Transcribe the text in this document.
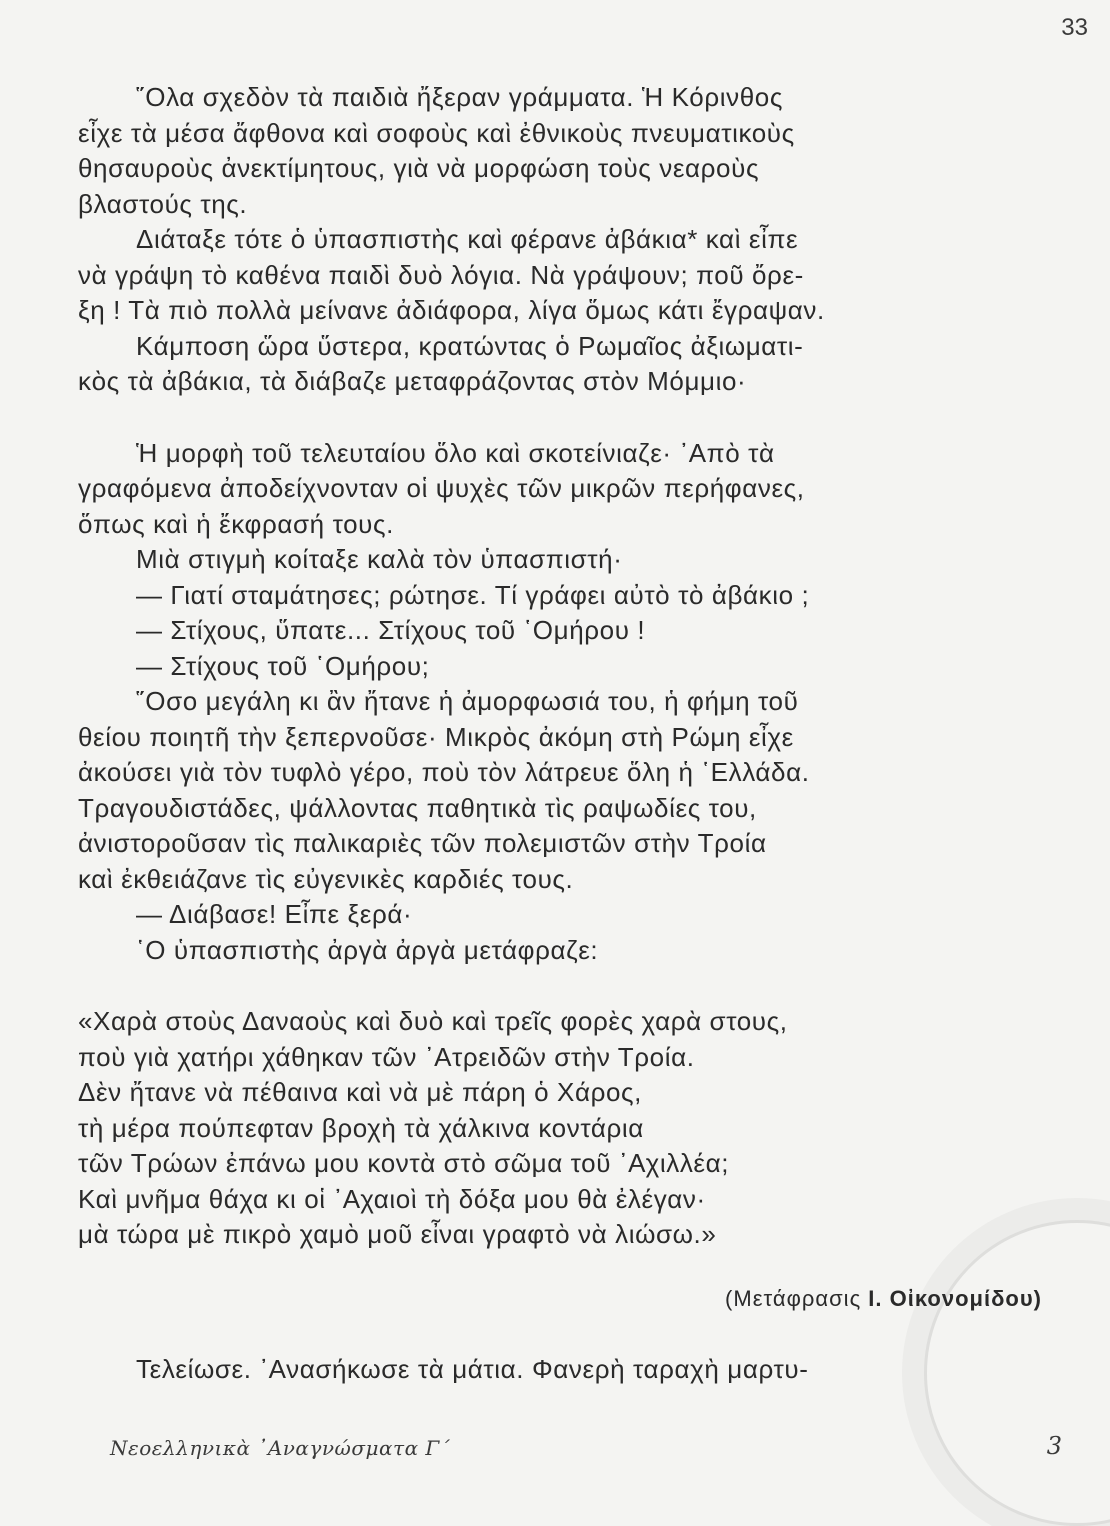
33

῞Ολα σχεδὸν τὰ παιδιὰ ἤξεραν γράμματα. Ἡ Κόρινθος

εἶχε τὰ μέσα ἄφθονα καὶ σοφοὺς καὶ ἐθνικοὺς πνευματικοὺς

θησαυροὺς ἀνεκτίμητους, γιὰ νὰ μορφώση τοὺς νεαροὺς

βλαστούς της.

Διάταξε τότε ὁ ὑπασπιστὴς καὶ φέρανε ἀβάκια* καὶ εἶπε

νὰ γράψη τὸ καθένα παιδὶ δυὸ λόγια. Νὰ γράψουν; ποῦ ὄρε-

ξη ! Τὰ πιὸ πολλὰ μείνανε ἀδιάφορα, λίγα ὅμως κάτι ἔγραψαν.

Κάμποση ὥρα ὕστερα, κρατώντας ὁ Ρωμαῖος ἀξιωματι-

κὸς τὰ ἀβάκια, τὰ διάβαζε μεταφράζοντας στὸν Μόμμιο·

Ἡ μορφὴ τοῦ τελευταίου ὅλο καὶ σκοτείνιαζε· ᾿Απὸ τὰ

γραφόμενα ἀποδείχνονταν οἱ ψυχὲς τῶν μικρῶν περήφανες,

ὅπως καὶ ἡ ἔκφρασή τους.

Μιὰ στιγμὴ κοίταξε καλὰ τὸν ὑπασπιστή·

— Γιατί σταμάτησες; ρώτησε. Τί γράφει αὐτὸ τὸ ἀβάκιο ;

— Στίχους, ὕπατε... Στίχους τοῦ ῾Ομήρου !

— Στίχους τοῦ ῾Ομήρου;

῞Οσο μεγάλη κι ἂν ἤτανε ἡ ἀμορφωσιά του, ἡ φήμη τοῦ

θείου ποιητῆ τὴν ξεπερνοῦσε· Μικρὸς ἀκόμη στὴ Ρώμη εἶχε

ἀκούσει γιὰ τὸν τυφλὸ γέρο, ποὺ τὸν λάτρευε ὅλη ἡ ῾Ελλάδα.

Τραγουδιστάδες, ψάλλοντας παθητικὰ τὶς ραψωδίες του,

ἀνιστοροῦσαν τὶς παλικαριὲς τῶν πολεμιστῶν στὴν Τροία

καὶ ἐκθειάζανε τὶς εὐγενικὲς καρδιές τους.

— Διάβασε! Εἶπε ξερά·

῾Ο ὑπασπιστὴς ἀργὰ ἀργὰ μετάφραζε:

«Χαρὰ στοὺς Δαναοὺς καὶ δυὸ καὶ τρεῖς φορὲς χαρὰ στους,

ποὺ γιὰ χατήρι χάθηκαν τῶν ᾿Ατρειδῶν στὴν Τροία.

Δὲν ἤτανε νὰ πέθαινα καὶ νὰ μὲ πάρη ὁ Χάρος,

τὴ μέρα πούπεφταν βροχὴ τὰ χάλκινα κοντάρια

τῶν Τρώων ἐπάνω μου κοντὰ στὸ σῶμα τοῦ ᾿Αχιλλέα;

Καὶ μνῆμα θάχα κι οἱ ᾿Αχαιοὶ τὴ δόξα μου θὰ ἐλέγαν·

μὰ τώρα μὲ πικρὸ χαμὸ μοῦ εἶναι γραφτὸ νὰ λιώσω.»

(Μετάφρασις Ι. Οἰκονομίδου)

Τελείωσε. ᾿Ανασήκωσε τὰ μάτια. Φανερὴ ταραχὴ μαρτυ-

Νεοελληνικὰ ᾿Αναγνώσματα Γ΄	3
